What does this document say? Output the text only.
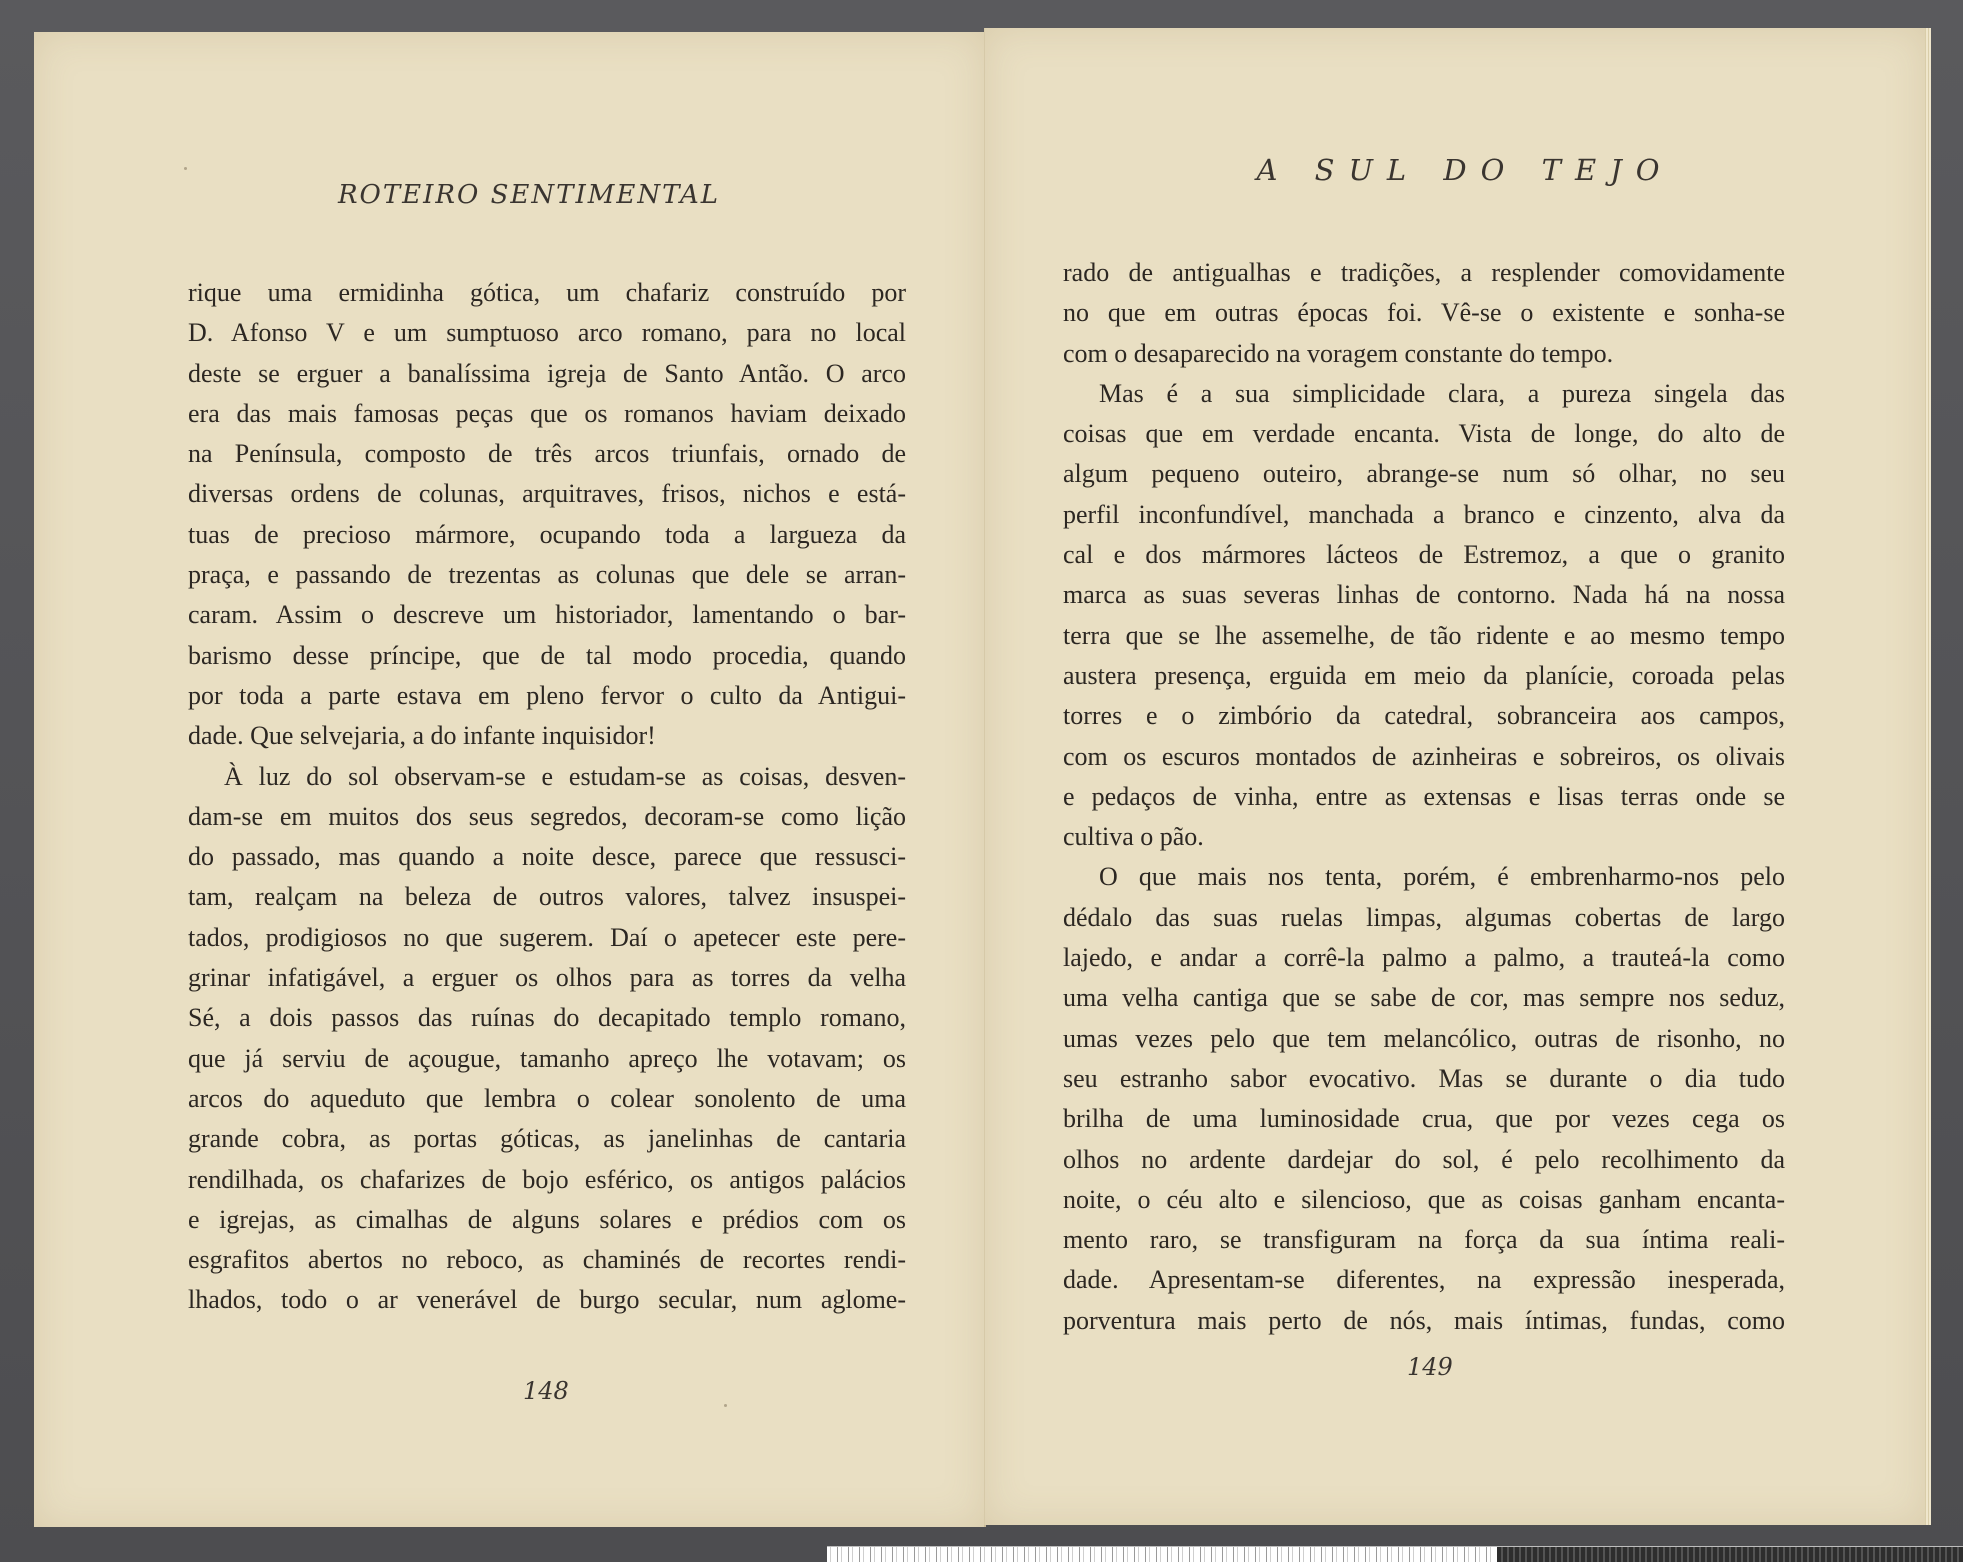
ROTEIRO SENTIMENTAL
rique uma ermidinha gótica, um chafariz construído por
D. Afonso V e um sumptuoso arco romano, para no local
deste se erguer a banalíssima igreja de Santo Antão. O arco
era das mais famosas peças que os romanos haviam deixado
na Península, composto de três arcos triunfais, ornado de
diversas ordens de colunas, arquitraves, frisos, nichos e está-
tuas de precioso mármore, ocupando toda a largueza da
praça, e passando de trezentas as colunas que dele se arran-
caram. Assim o descreve um historiador, lamentando o bar-
barismo desse príncipe, que de tal modo procedia, quando
por toda a parte estava em pleno fervor o culto da Antigui-
dade. Que selvejaria, a do infante inquisidor!
À luz do sol observam-se e estudam-se as coisas, desven-
dam-se em muitos dos seus segredos, decoram-se como lição
do passado, mas quando a noite desce, parece que ressusci-
tam, realçam na beleza de outros valores, talvez insuspei-
tados, prodigiosos no que sugerem. Daí o apetecer este pere-
grinar infatigável, a erguer os olhos para as torres da velha
Sé, a dois passos das ruínas do decapitado templo romano,
que já serviu de açougue, tamanho apreço lhe votavam; os
arcos do aqueduto que lembra o colear sonolento de uma
grande cobra, as portas góticas, as janelinhas de cantaria
rendilhada, os chafarizes de bojo esférico, os antigos palácios
e igrejas, as cimalhas de alguns solares e prédios com os
esgrafitos abertos no reboco, as chaminés de recortes rendi-
lhados, todo o ar venerável de burgo secular, num aglome-
148
A SUL DO TEJO
rado de antigualhas e tradições, a resplender comovidamente
no que em outras épocas foi. Vê-se o existente e sonha-se
com o desaparecido na voragem constante do tempo.
Mas é a sua simplicidade clara, a pureza singela das
coisas que em verdade encanta. Vista de longe, do alto de
algum pequeno outeiro, abrange-se num só olhar, no seu
perfil inconfundível, manchada a branco e cinzento, alva da
cal e dos mármores lácteos de Estremoz, a que o granito
marca as suas severas linhas de contorno. Nada há na nossa
terra que se lhe assemelhe, de tão ridente e ao mesmo tempo
austera presença, erguida em meio da planície, coroada pelas
torres e o zimbório da catedral, sobranceira aos campos,
com os escuros montados de azinheiras e sobreiros, os olivais
e pedaços de vinha, entre as extensas e lisas terras onde se
cultiva o pão.
O que mais nos tenta, porém, é embrenharmo-nos pelo
dédalo das suas ruelas limpas, algumas cobertas de largo
lajedo, e andar a corrê-la palmo a palmo, a trauteá-la como
uma velha cantiga que se sabe de cor, mas sempre nos seduz,
umas vezes pelo que tem melancólico, outras de risonho, no
seu estranho sabor evocativo. Mas se durante o dia tudo
brilha de uma luminosidade crua, que por vezes cega os
olhos no ardente dardejar do sol, é pelo recolhimento da
noite, o céu alto e silencioso, que as coisas ganham encanta-
mento raro, se transfiguram na força da sua íntima reali-
dade. Apresentam-se diferentes, na expressão inesperada,
porventura mais perto de nós, mais íntimas, fundas, como
149
